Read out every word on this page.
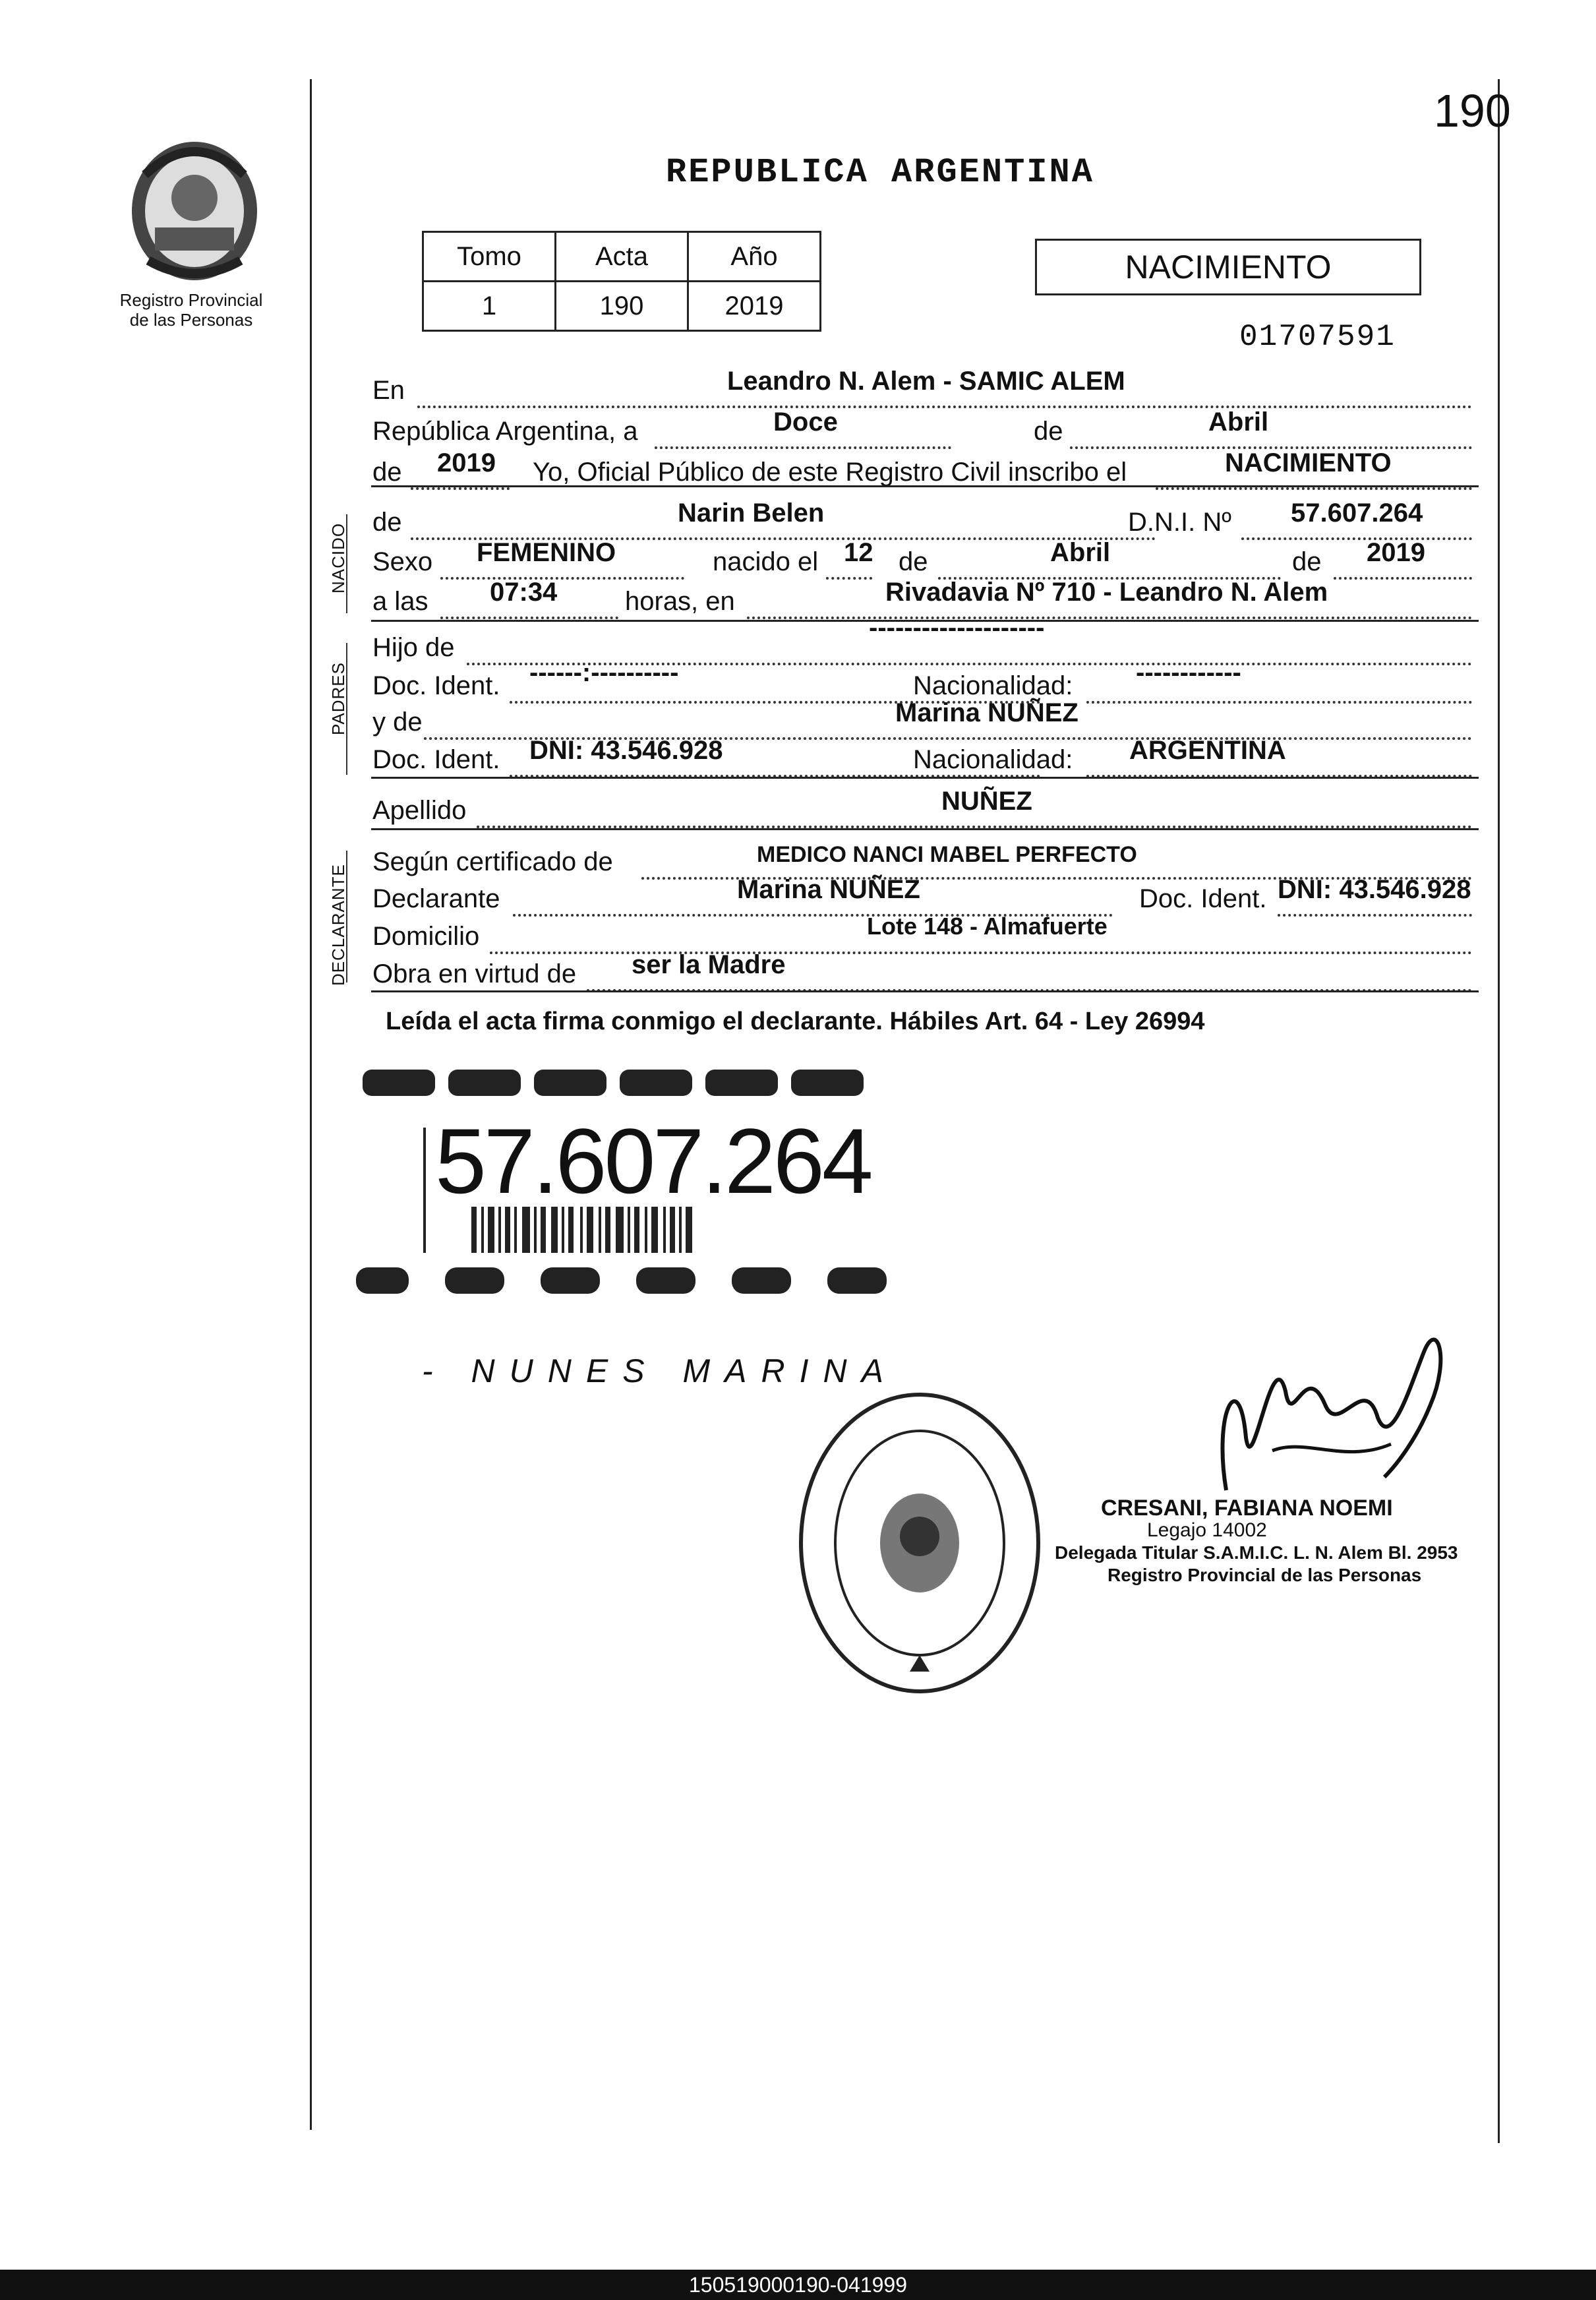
190
Registro Provincial
de las Personas
REPUBLICA ARGENTINA
Tomo	Acta	Año
1	190	2019
NACIMIENTO
01707591
En	Leandro N. Alem - SAMIC ALEM
República Argentina, a	Doce	de	Abril
de 2019 Yo, Oficial Público de este Registro Civil inscribo el	NACIMIENTO
NACIDO
de	Narin Belen	D.N.I. Nº 57.607.264
Sexo FEMENINO	nacido el 12 de	Abril	de 2019
a las 07:34	horas, en	Rivadavia Nº 710 - Leandro N. Alem
PADRES
Hijo de
--------------------
Doc. Ident. ------:----------	Nacionalidad: ------------
y de	Marina NUÑEZ
Doc. Ident. DNI: 43.546.928	Nacionalidad: ARGENTINA
Apellido	NUÑEZ
DECLARANTE
Según certificado de	MEDICO NANCI MABEL PERFECTO
Declarante	Marina NUÑEZ	Doc. Ident. DNI: 43.546.928
Domicilio	Lote 148 - Almafuerte
Obra en virtud de ser la Madre
Leída el acta firma conmigo el declarante. Hábiles Art. 64 - Ley 26994
57.607.264
- NUNES MARINA
CRESANI, FABIANA NOEMI
Legajo 14002
Delegada Titular S.A.M.I.C. L. N. Alem Bl. 2953
Registro Provincial de las Personas
150519000190-041999
